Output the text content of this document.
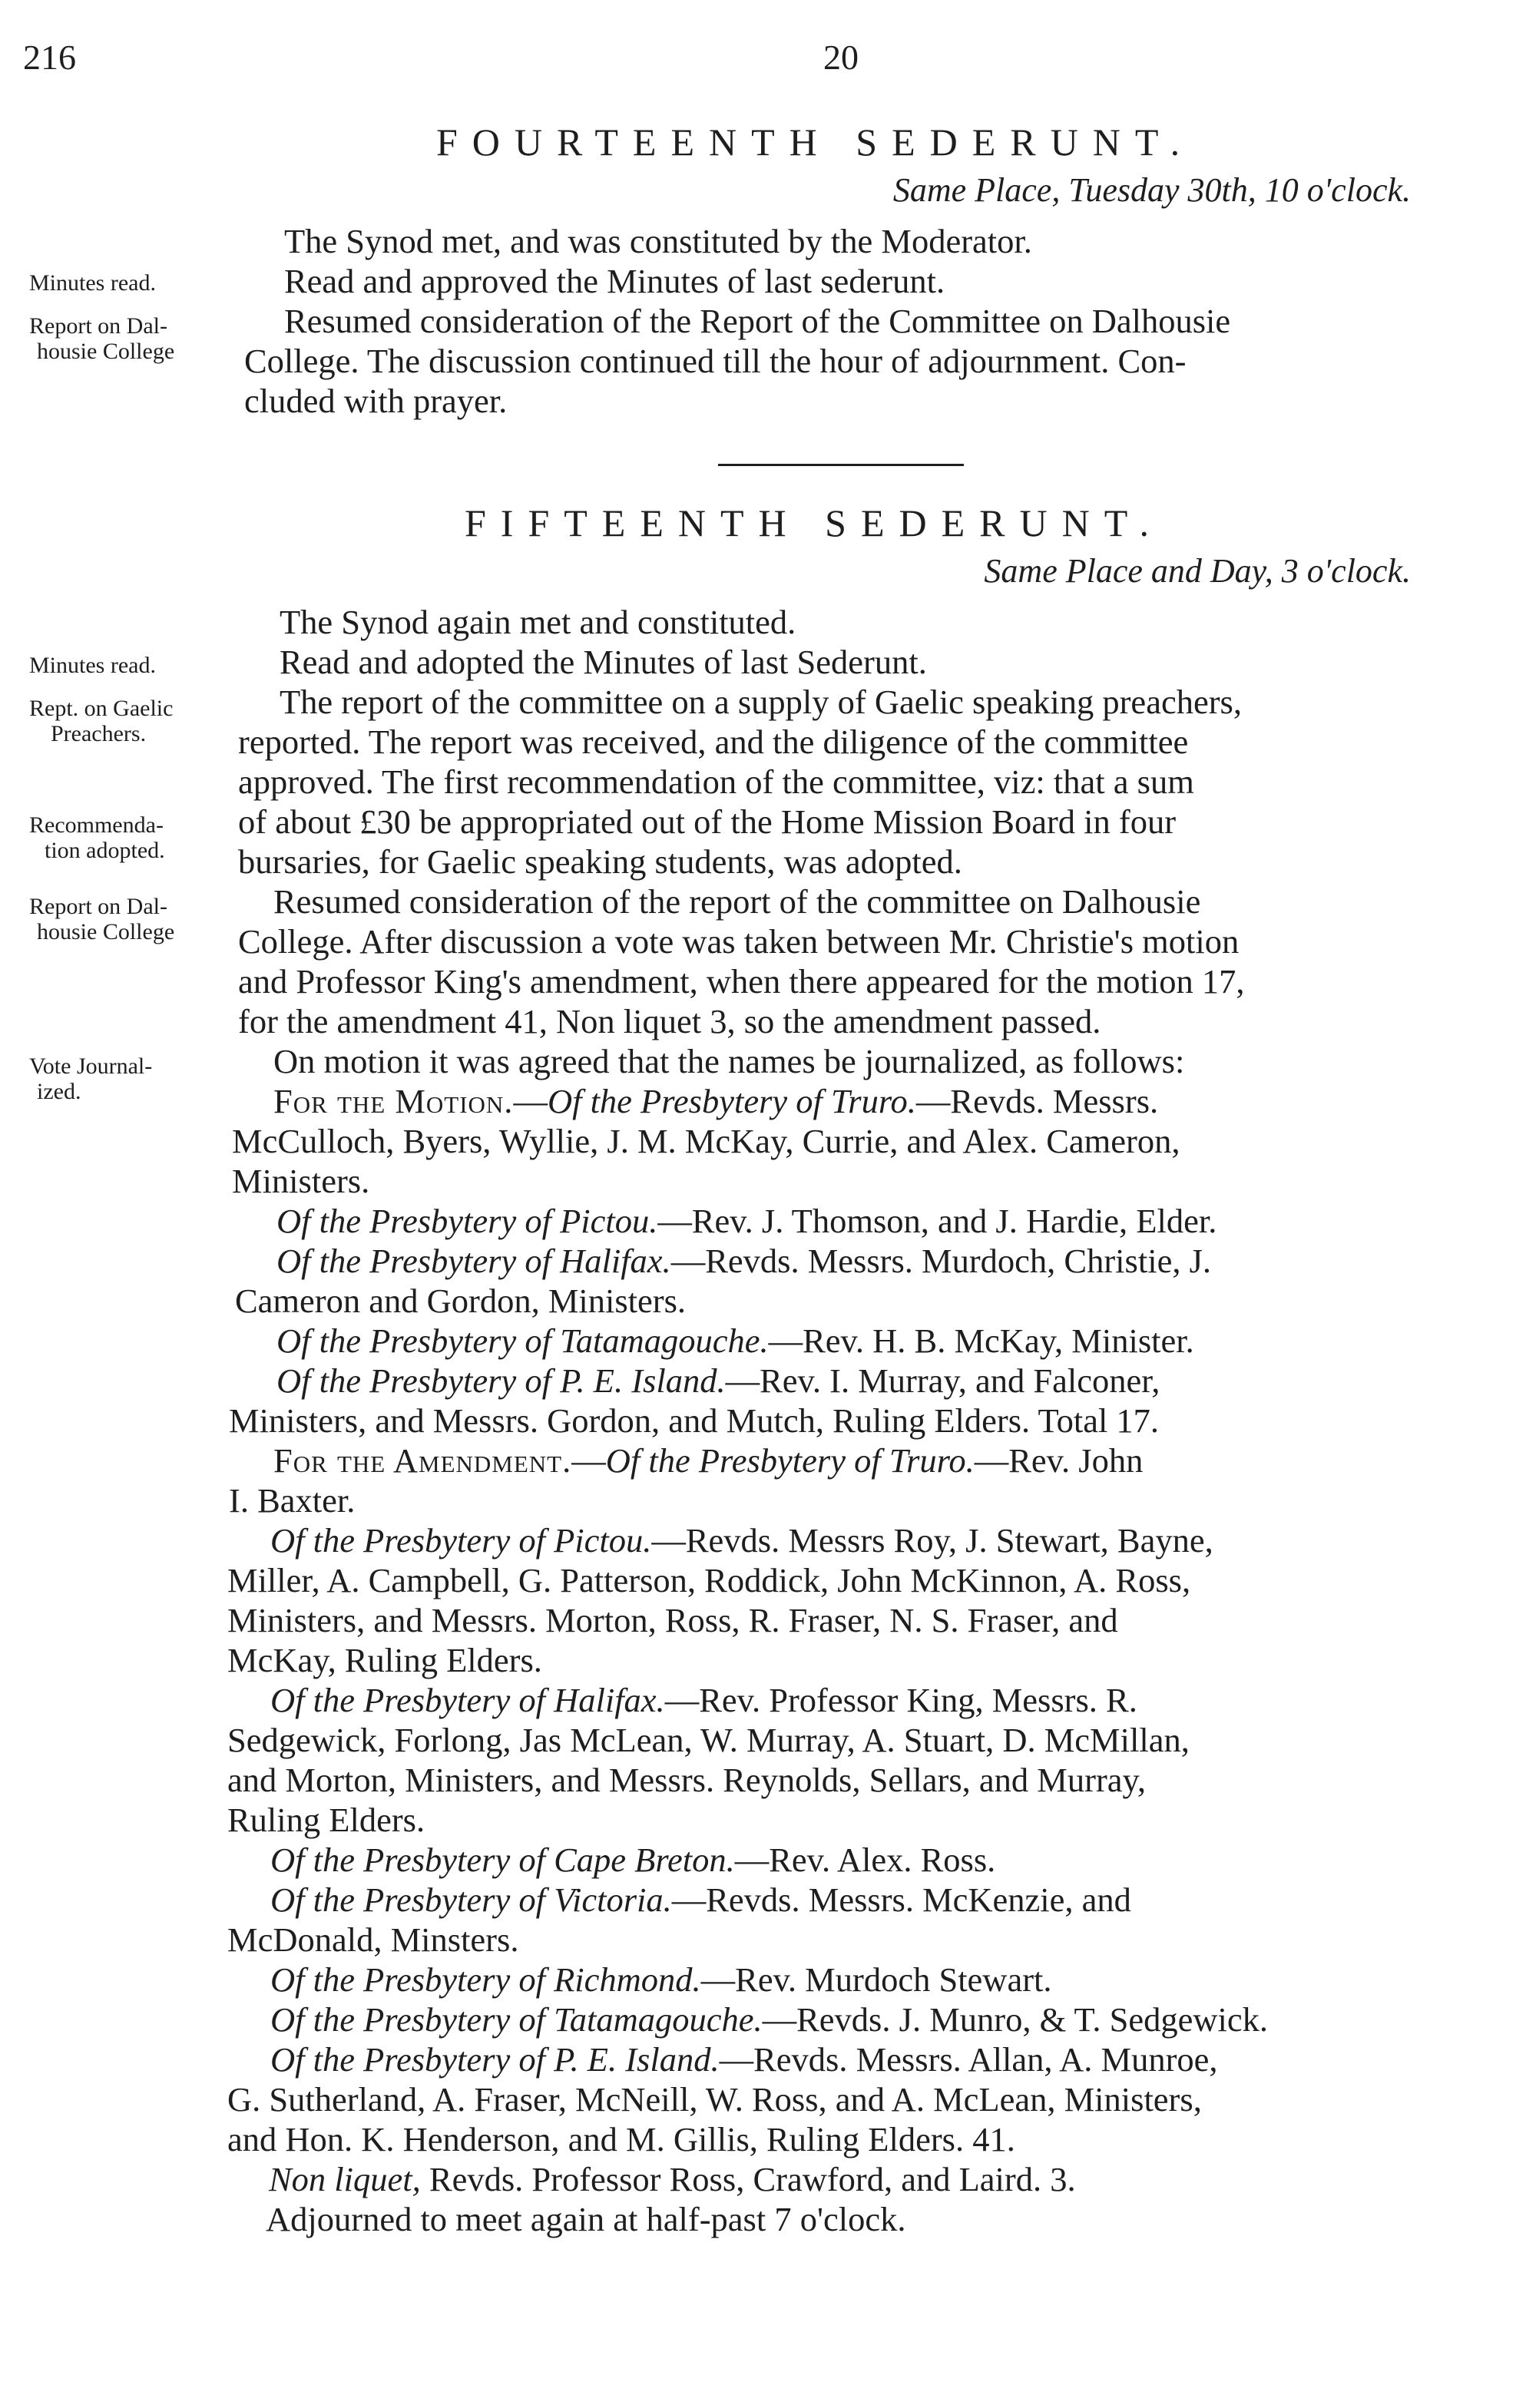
216	20
FOURTEENTH SEDERUNT.
Same Place, Tuesday 30th, 10 o'clock.
Minutes read.
Report on Dal-
housie College
The Synod met, and was constituted by the Moderator.
Read and approved the Minutes of last sederunt.
Resumed consideration of the Report of the Committee on Dalhousie
College. The discussion continued till the hour of adjournment. Con-
cluded with prayer.
FIFTEENTH SEDERUNT.
Same Place and Day, 3 o'clock.
Minutes read.
Rept. on Gaelic
Preachers.
Recommenda-
tion adopted.
Report on Dal-
housie College
Vote Journal-
ized.
The Synod again met and constituted.
Read and adopted the Minutes of last Sederunt.
The report of the committee on a supply of Gaelic speaking preachers,
reported. The report was received, and the diligence of the committee
approved. The first recommendation of the committee, viz: that a sum
of about £30 be appropriated out of the Home Mission Board in four
bursaries, for Gaelic speaking students, was adopted.
Resumed consideration of the report of the committee on Dalhousie
College. After discussion a vote was taken between Mr. Christie's motion
and Professor King's amendment, when there appeared for the motion 17,
for the amendment 41, Non liquet 3, so the amendment passed.
On motion it was agreed that the names be journalized, as follows:
For the Motion.—Of the Presbytery of Truro.—Revds. Messrs.
McCulloch, Byers, Wyllie, J. M. McKay, Currie, and Alex. Cameron,
Ministers.
Of the Presbytery of Pictou.—Rev. J. Thomson, and J. Hardie, Elder.
Of the Presbytery of Halifax.—Revds. Messrs. Murdoch, Christie, J.
Cameron and Gordon, Ministers.
Of the Presbytery of Tatamagouche.—Rev. H. B. McKay, Minister.
Of the Presbytery of P. E. Island.—Rev. I. Murray, and Falconer,
Ministers, and Messrs. Gordon, and Mutch, Ruling Elders. Total 17.
For the Amendment.—Of the Presbytery of Truro.—Rev. John
I. Baxter.
Of the Presbytery of Pictou.—Revds. Messrs Roy, J. Stewart, Bayne,
Miller, A. Campbell, G. Patterson, Roddick, John McKinnon, A. Ross,
Ministers, and Messrs. Morton, Ross, R. Fraser, N. S. Fraser, and
McKay, Ruling Elders.
Of the Presbytery of Halifax.—Rev. Professor King, Messrs. R.
Sedgewick, Forlong, Jas McLean, W. Murray, A. Stuart, D. McMillan,
and Morton, Ministers, and Messrs. Reynolds, Sellars, and Murray,
Ruling Elders.
Of the Presbytery of Cape Breton.—Rev. Alex. Ross.
Of the Presbytery of Victoria.—Revds. Messrs. McKenzie, and
McDonald, Minsters.
Of the Presbytery of Richmond.—Rev. Murdoch Stewart.
Of the Presbytery of Tatamagouche.—Revds. J. Munro, & T. Sedgewick.
Of the Presbytery of P. E. Island.—Revds. Messrs. Allan, A. Munroe,
G. Sutherland, A. Fraser, McNeill, W. Ross, and A. McLean, Ministers,
and Hon. K. Henderson, and M. Gillis, Ruling Elders. 41.
Non liquet, Revds. Professor Ross, Crawford, and Laird. 3.
Adjourned to meet again at half-past 7 o'clock.
